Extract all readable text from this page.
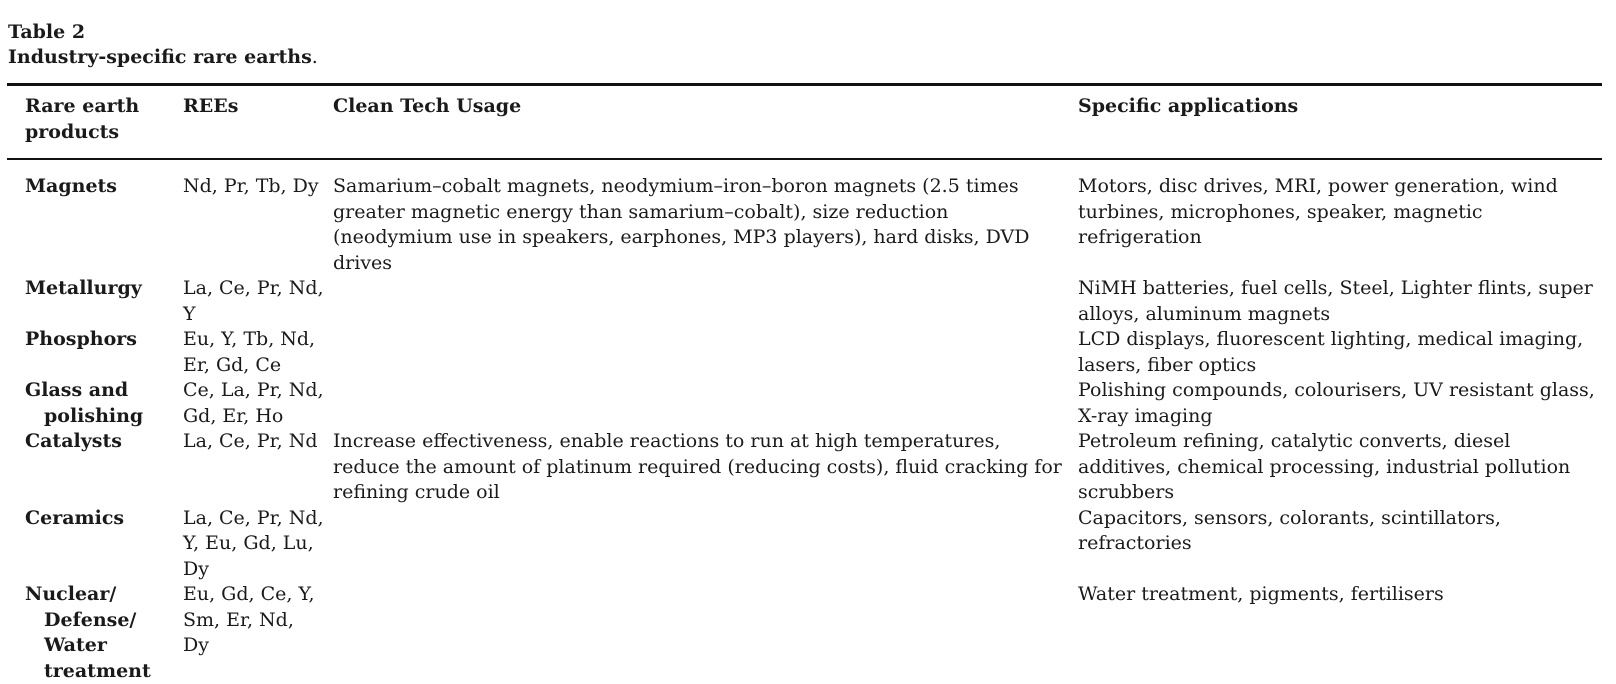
Table 2
Industry-specific rare earths.
Rare earth products	REEs	Clean Tech Usage	Specific applications

Magnets	Nd, Pr, Tb, Dy	Samarium–cobalt magnets, neodymium–iron–boron magnets (2.5 times greater magnetic energy than samarium–cobalt), size reduction (neodymium use in speakers, earphones, MP3 players), hard disks, DVD drives	Motors, disc drives, MRI, power generation, wind turbines, microphones, speaker, magnetic refrigeration

Metallurgy	La, Ce, Pr, Nd, Y		NiMH batteries, fuel cells, Steel, Lighter flints, super alloys, aluminum magnets

Phosphors	Eu, Y, Tb, Nd, Er, Gd, Ce		LCD displays, fluorescent lighting, medical imaging, lasers, fiber optics

Glass and polishing	Ce, La, Pr, Nd, Gd, Er, Ho		Polishing compounds, colourisers, UV resistant glass, X-ray imaging

Catalysts	La, Ce, Pr, Nd	Increase effectiveness, enable reactions to run at high temperatures, reduce the amount of platinum required (reducing costs), fluid cracking for refining crude oil	Petroleum refining, catalytic converts, diesel additives, chemical processing, industrial pollution scrubbers

Ceramics	La, Ce, Pr, Nd, Y, Eu, Gd, Lu, Dy		Capacitors, sensors, colorants, scintillators, refractories

Nuclear/ Defense/ Water treatment	Eu, Gd, Ce, Y, Sm, Er, Nd, Dy		Water treatment, pigments, fertilisers
